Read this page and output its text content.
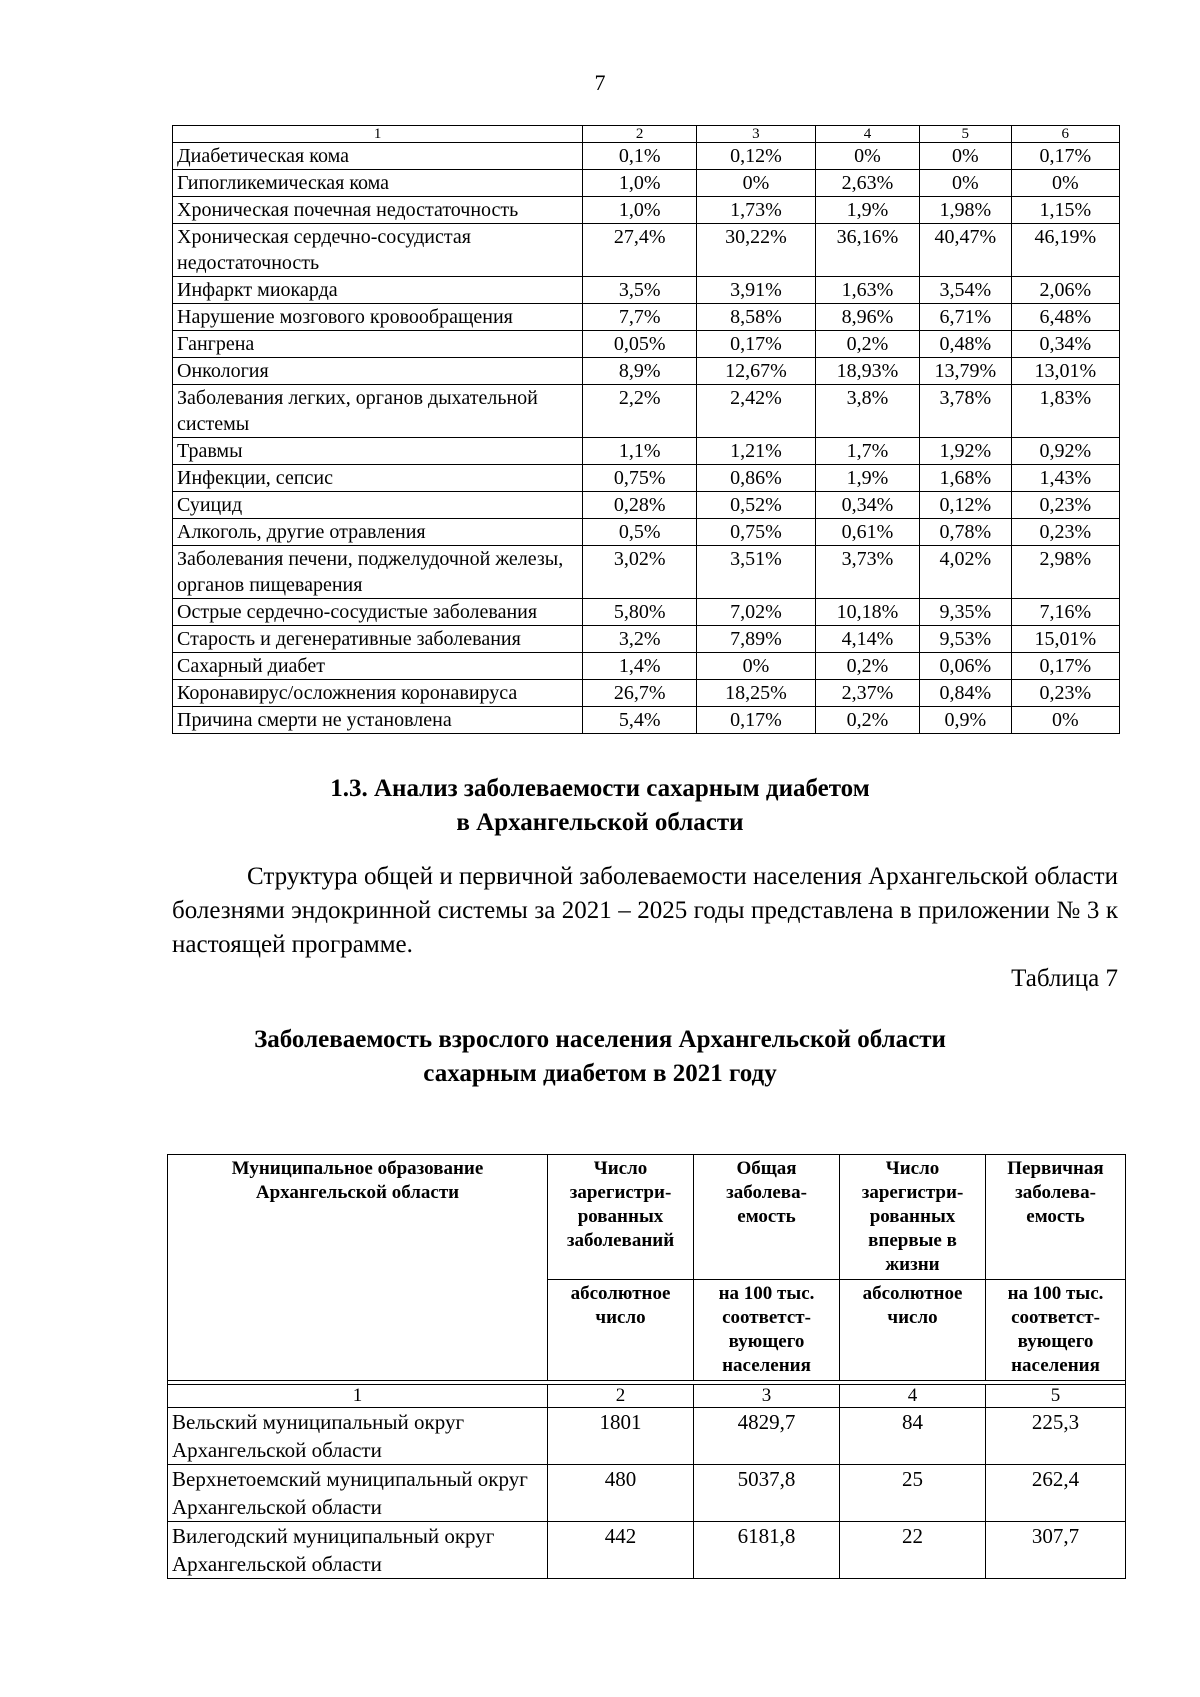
7
1	2	3	4	5	6
Диабетическая кома	0,1%	0,12%	0%	0%	0,17%
Гипогликемическая кома	1,0%	0%	2,63%	0%	0%
Хроническая почечная недостаточность	1,0%	1,73%	1,9%	1,98%	1,15%
Хроническая сердечно-сосудистая недостаточность	27,4%	30,22%	36,16%	40,47%	46,19%
Инфаркт миокарда	3,5%	3,91%	1,63%	3,54%	2,06%
Нарушение мозгового кровообращения	7,7%	8,58%	8,96%	6,71%	6,48%
Гангрена	0,05%	0,17%	0,2%	0,48%	0,34%
Онкология	8,9%	12,67%	18,93%	13,79%	13,01%
Заболевания легких, органов дыхательной системы	2,2%	2,42%	3,8%	3,78%	1,83%
Травмы	1,1%	1,21%	1,7%	1,92%	0,92%
Инфекции, сепсис	0,75%	0,86%	1,9%	1,68%	1,43%
Суицид	0,28%	0,52%	0,34%	0,12%	0,23%
Алкоголь, другие отравления	0,5%	0,75%	0,61%	0,78%	0,23%
Заболевания печени, поджелудочной железы, органов пищеварения	3,02%	3,51%	3,73%	4,02%	2,98%
Острые сердечно-сосудистые заболевания	5,80%	7,02%	10,18%	9,35%	7,16%
Старость и дегенеративные заболевания	3,2%	7,89%	4,14%	9,53%	15,01%
Сахарный диабет	1,4%	0%	0,2%	0,06%	0,17%
Коронавирус/осложнения коронавируса	26,7%	18,25%	2,37%	0,84%	0,23%
Причина смерти не установлена	5,4%	0,17%	0,2%	0,9%	0%
1.3. Анализ заболеваемости сахарным диабетом
в Архангельской области

Структура общей и первичной заболеваемости населения Архангельской области болезнями эндокринной системы за 2021 – 2025 годы представлена в приложении № 3 к настоящей программе.

Таблица 7
Заболеваемость взрослого населения Архангельской области
сахарным диабетом в 2021 году
Муниципальное образование Архангельской области	Число зарегистри-рованных заболеваний	Общая заболева-емость	Число зарегистри-рованных впервые в жизни	Первичная заболева-емость
	абсолютное число	на 100 тыс. соответст-вующего населения	абсолютное число	на 100 тыс. соответст-вующего населения

1	2	3	4	5
Вельский муниципальный округ Архангельской области	1801	4829,7	84	225,3
Верхнетоемский муниципальный округ Архангельской области	480	5037,8	25	262,4
Вилегодский муниципальный округ Архангельской области	442	6181,8	22	307,7
